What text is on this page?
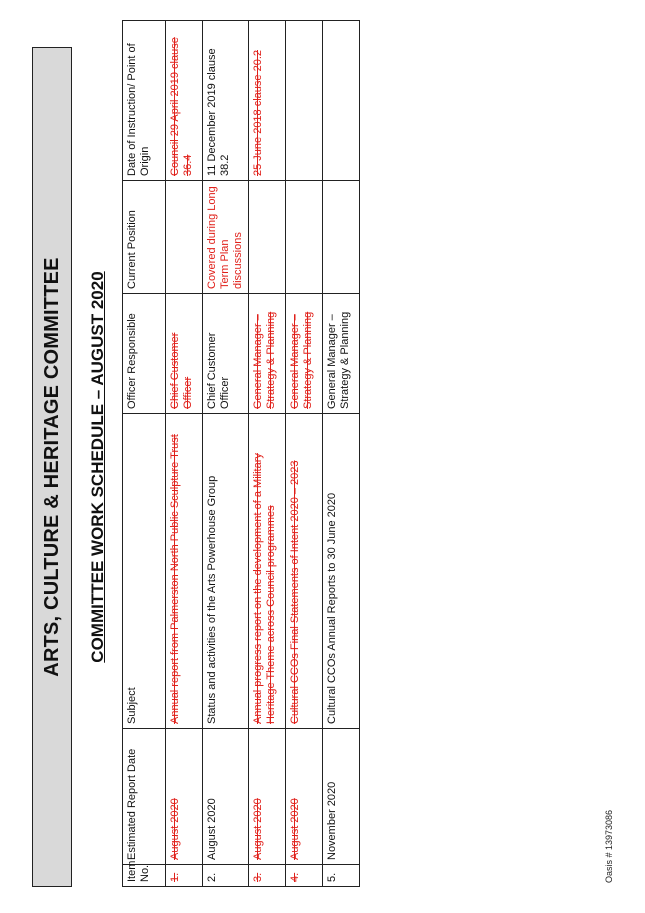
ARTS, CULTURE & HERITAGE COMMITTEE	COMMITTEE WORK SCHEDULE – AUGUST 2020
Item No.	Estimated Report Date	Subject	Officer Responsible	Current Position	Date of Instruction/ Point of Origin
1.	August 2020	Annual report from Palmerston North Public Sculpture Trust	Chief Customer Officer		Council 29 April 2019 clause 36.4
2.	August 2020	Status and activities of the Arts Powerhouse Group	Chief Customer Officer	Covered during Long Term Plan discussions	11 December 2019 clause 38.2
3.	August 2020	Annual progress report on the development of a Military Heritage Theme across Council programmes	General Manager – Strategy & Planning		25 June 2018 clause 20.2
4.	August 2020	Cultural CCOs Final Statements of Intent 2020 – 2023	General Manager – Strategy & Planning		
5.	November 2020	Cultural CCOs Annual Reports to 30 June 2020	General Manager – Strategy & Planning		
Oasis # 13973086
